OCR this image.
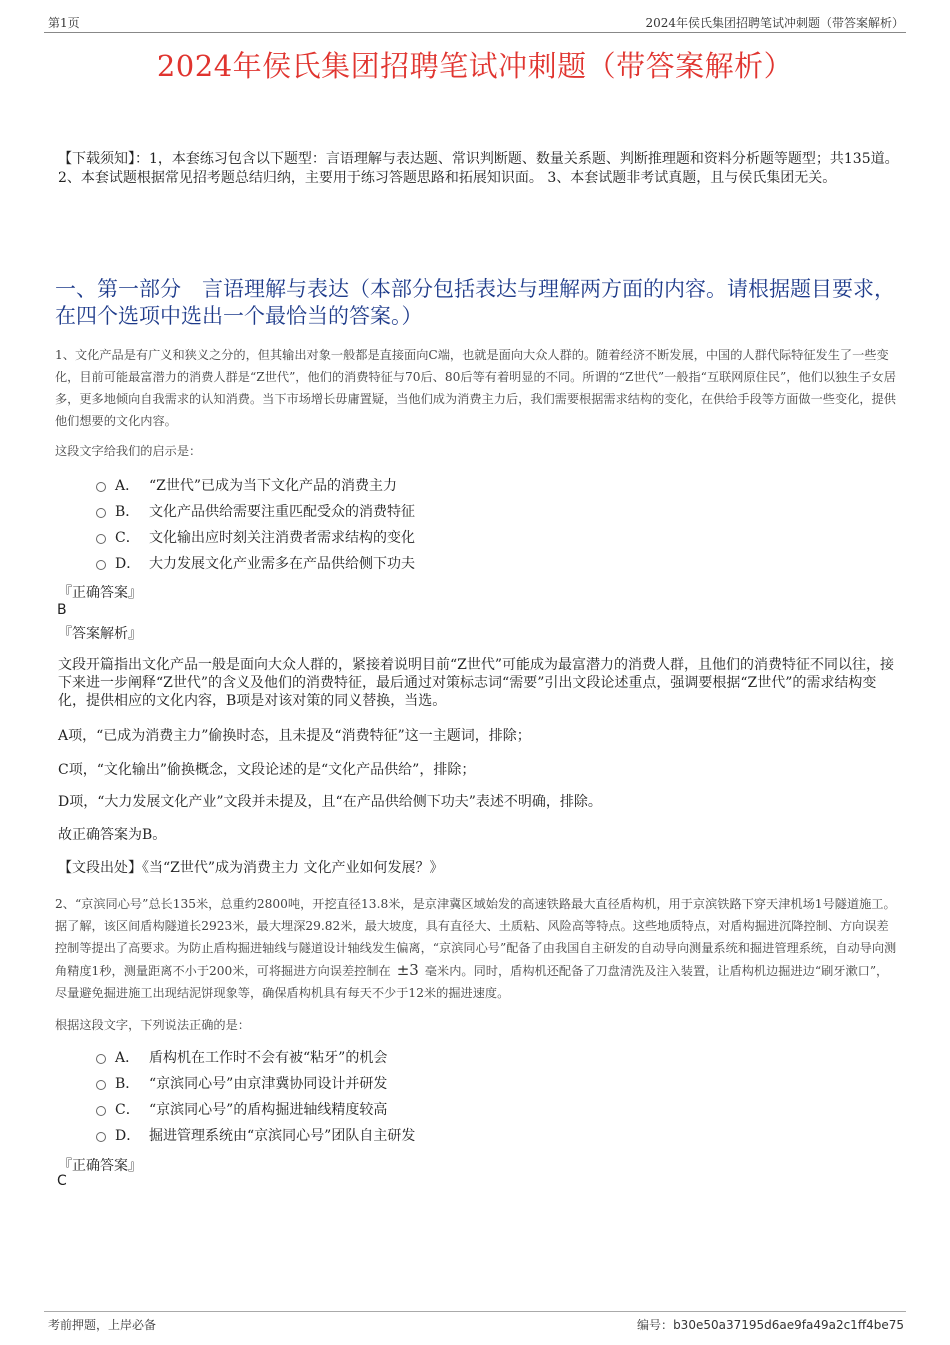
第1页	2024年侯氏集团招聘笔试冲刺题（带答案解析）
2024年侯氏集团招聘笔试冲刺题（带答案解析）
【下载须知】：1，本套练习包含以下题型：言语理解与表达题、常识判断题、数量关系题、判断推理题和资料分析题等题型；共135道。 2、本套试题根据常见招考题总结归纳，主要用于练习答题思路和拓展知识面。 3、本套试题非考试真题，且与侯氏集团无关。
一、第一部分　言语理解与表达（本部分包括表达与理解两方面的内容。请根据题目要求，在四个选项中选出一个最恰当的答案。）
1、文化产品是有广义和狭义之分的，但其输出对象一般都是直接面向C端，也就是面向大众人群的。随着经济不断发展，中国的人群代际特征发生了一些变化，目前可能最富潜力的消费人群是“Z世代”，他们的消费特征与70后、80后等有着明显的不同。所谓的“Z世代”一般指“互联网原住民”，他们以独生子女居多，更多地倾向自我需求的认知消费。当下市场增长毋庸置疑，当他们成为消费主力后，我们需要根据需求结构的变化，在供给手段等方面做一些变化，提供他们想要的文化内容。
这段文字给我们的启示是：
A． “Z世代”已成为当下文化产品的消费主力
B． 文化产品供给需要注重匹配受众的消费特征
C． 文化输出应时刻关注消费者需求结构的变化
D． 大力发展文化产业需多在产品供给侧下功夫
『正确答案』
B
『答案解析』
文段开篇指出文化产品一般是面向大众人群的，紧接着说明目前“Z世代”可能成为最富潜力的消费人群，且他们的消费特征不同以往，接下来进一步阐释“Z世代”的含义及他们的消费特征，最后通过对策标志词“需要”引出文段论述重点，强调要根据“Z世代”的需求结构变化，提供相应的文化内容，B项是对该对策的同义替换，当选。
A项，“已成为消费主力”偷换时态，且未提及“消费特征”这一主题词，排除；
C项，“文化输出”偷换概念，文段论述的是“文化产品供给”，排除；
D项，“大力发展文化产业”文段并未提及，且“在产品供给侧下功夫”表述不明确，排除。
故正确答案为B。
【文段出处】《当“Z世代”成为消费主力 文化产业如何发展？》
2、“京滨同心号”总长135米，总重约2800吨，开挖直径13.8米，是京津冀区域始发的高速铁路最大直径盾构机，用于京滨铁路下穿天津机场1号隧道施工。据了解，该区间盾构隧道长2923米，最大埋深29.82米，最大坡度，具有直径大、土质粘、风险高等特点。这些地质特点，对盾构掘进沉降控制、方向误差控制等提出了高要求。为防止盾构掘进轴线与隧道设计轴线发生偏离，“京滨同心号”配备了由我国自主研发的自动导向测量系统和掘进管理系统，自动导向测角精度1秒，测量距离不小于200米，可将掘进方向误差控制在 ±3 毫米内。同时，盾构机还配备了刀盘清洗及注入装置，让盾构机边掘进边“刷牙漱口”，尽量避免掘进施工出现结泥饼现象等，确保盾构机具有每天不少于12米的掘进速度。
根据这段文字，下列说法正确的是：
A． 盾构机在工作时不会有被“粘牙”的机会
B． “京滨同心号”由京津冀协同设计并研发
C． “京滨同心号”的盾构掘进轴线精度较高
D． 掘进管理系统由“京滨同心号”团队自主研发
『正确答案』
C
考前押题，上岸必备	编号：b30e50a37195d6ae9fa49a2c1ff4be75
